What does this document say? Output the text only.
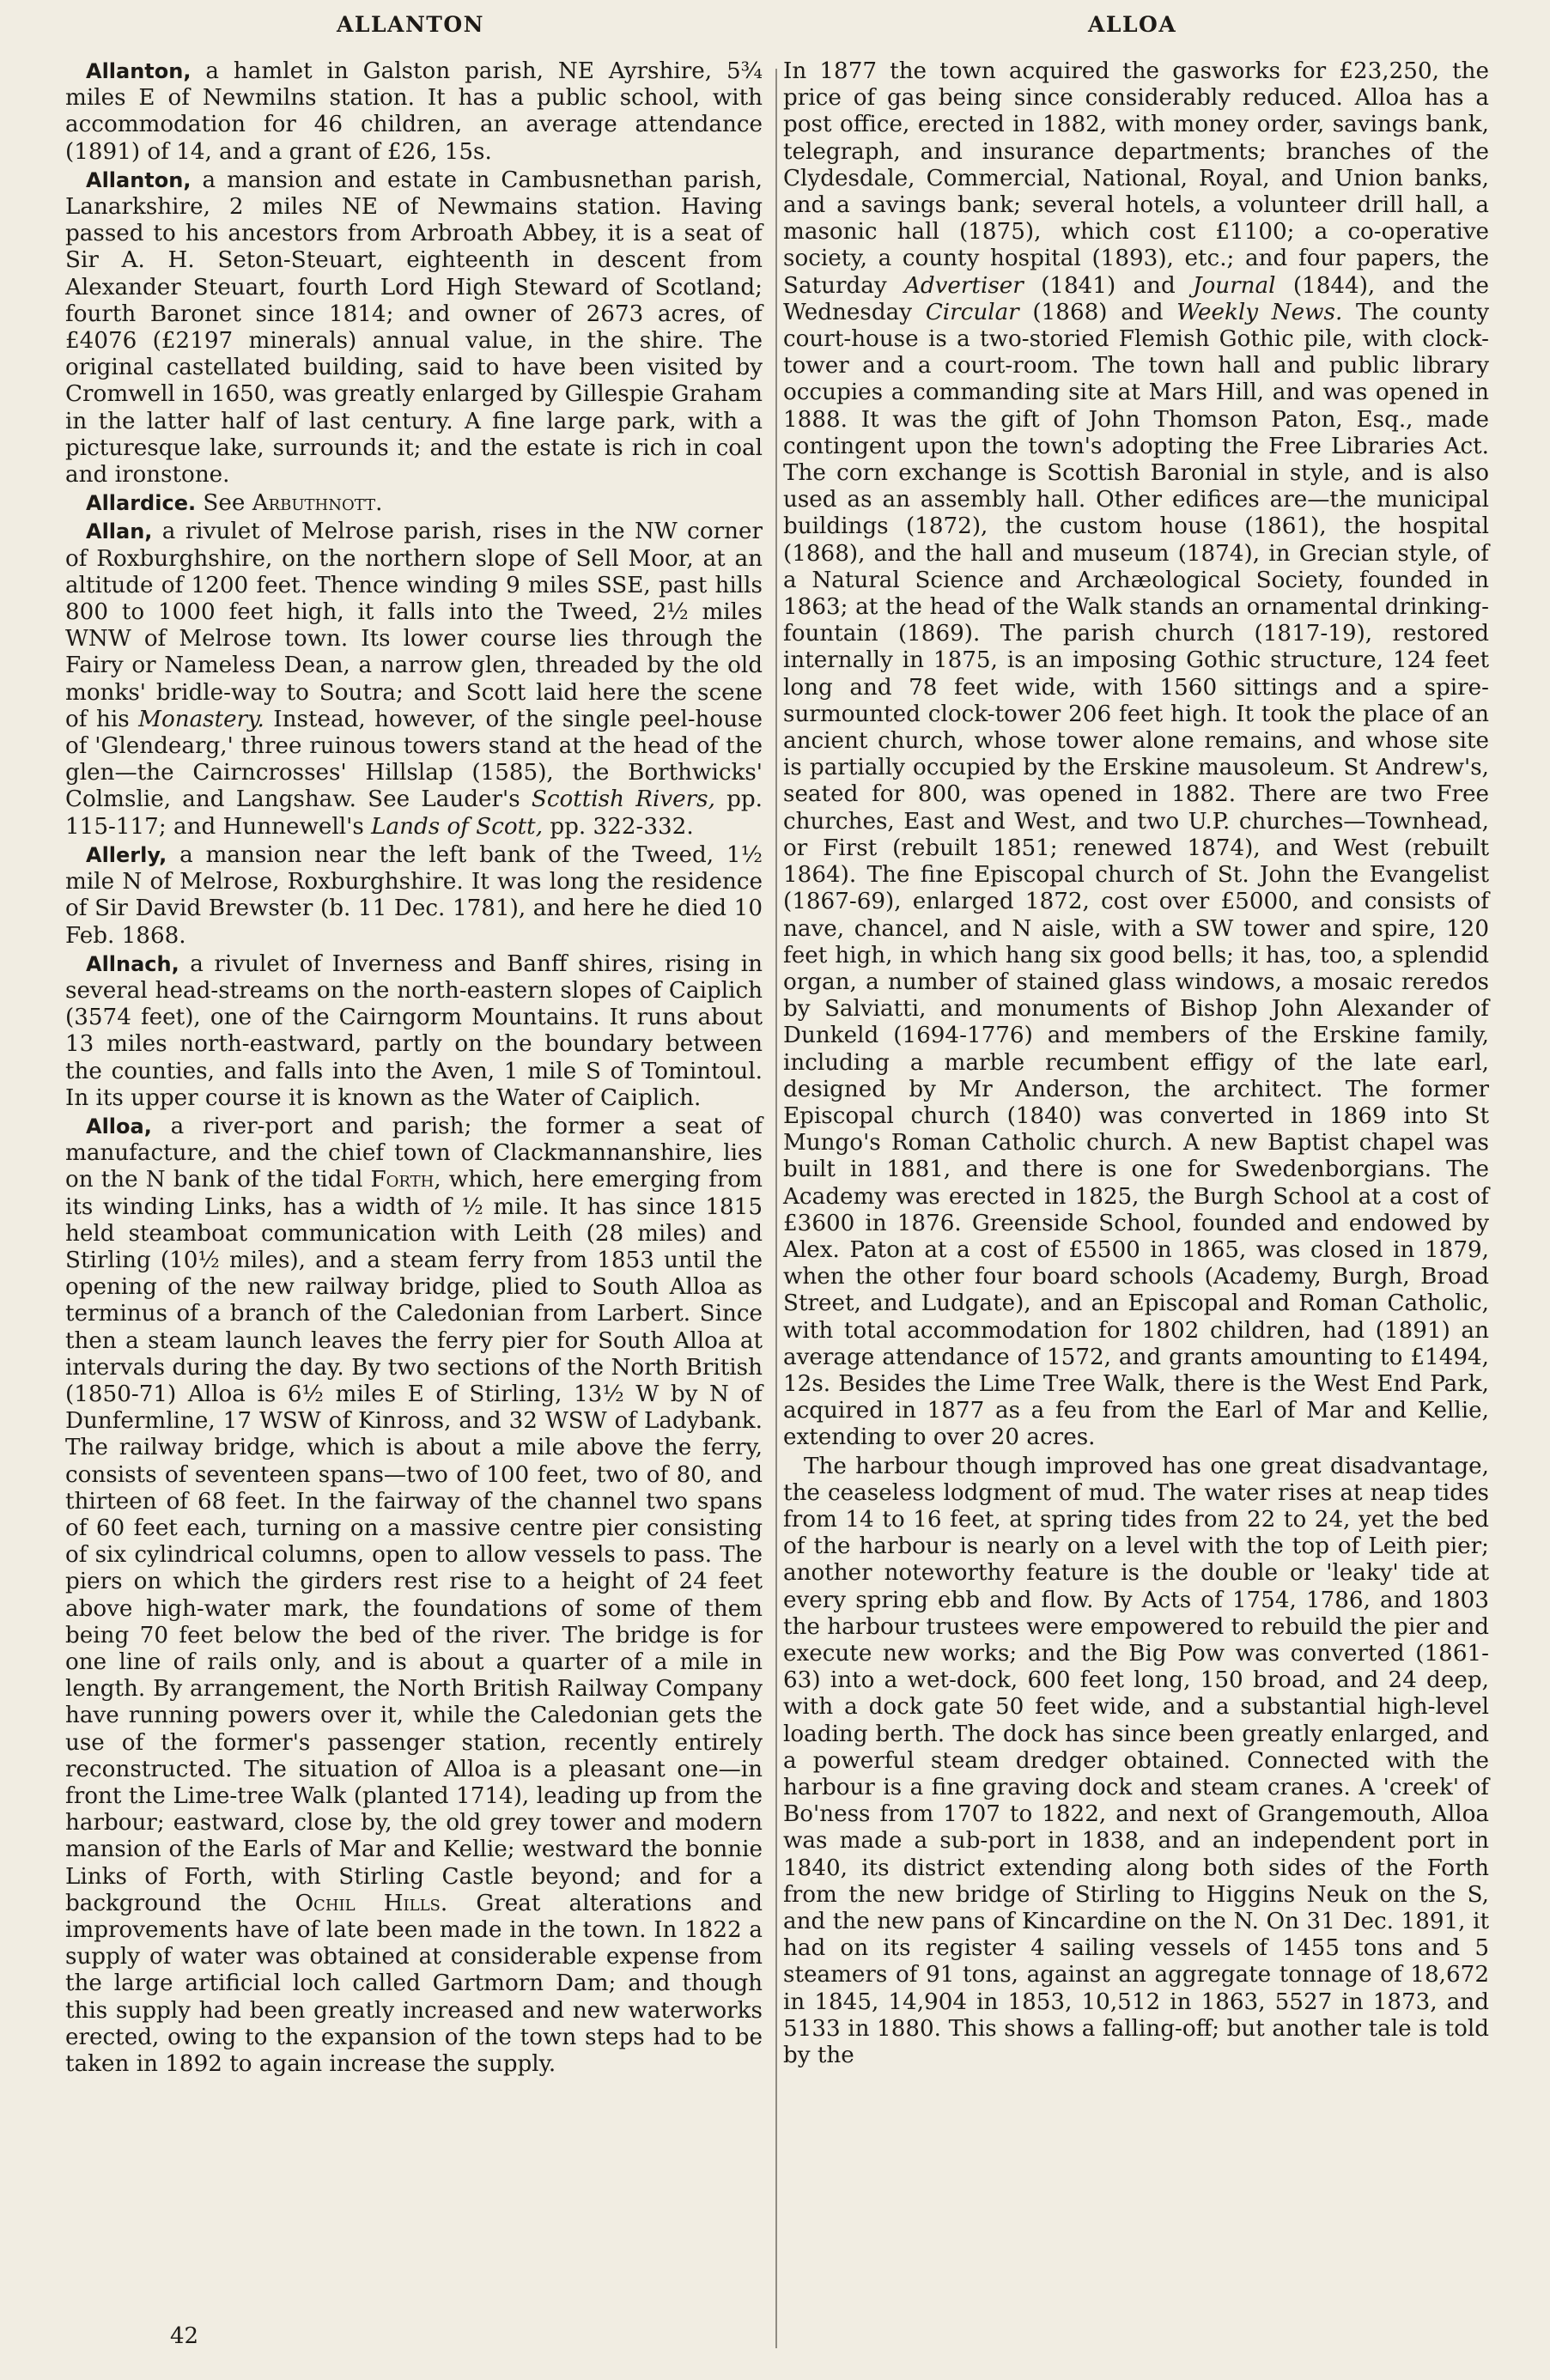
ALLANTON	ALLOA

Allanton, a hamlet in Galston parish, NE Ayrshire, 5¾ miles E of Newmilns station. It has a public school, with accommodation for 46 children, an average attendance (1891) of 14, and a grant of £26, 15s.

Allanton, a mansion and estate in Cambusnethan parish, Lanarkshire, 2 miles NE of Newmains station. Having passed to his ancestors from Arbroath Abbey, it is a seat of Sir A. H. Seton-Steuart, eighteenth in descent from Alexander Steuart, fourth Lord High Steward of Scotland; fourth Baronet since 1814; and owner of 2673 acres, of £4076 (£2197 minerals) annual value, in the shire. The original castellated building, said to have been visited by Cromwell in 1650, was greatly enlarged by Gillespie Graham in the latter half of last century. A fine large park, with a picturesque lake, surrounds it; and the estate is rich in coal and ironstone.

Allardice. See Arbuthnott.

Allan, a rivulet of Melrose parish, rises in the NW corner of Roxburghshire, on the northern slope of Sell Moor, at an altitude of 1200 feet. Thence winding 9 miles SSE, past hills 800 to 1000 feet high, it falls into the Tweed, 2½ miles WNW of Melrose town. Its lower course lies through the Fairy or Nameless Dean, a narrow glen, threaded by the old monks' bridle-way to Soutra; and Scott laid here the scene of his Monastery. Instead, however, of the single peel-house of 'Glendearg,' three ruinous towers stand at the head of the glen—the Cairncrosses' Hillslap (1585), the Borthwicks' Colmslie, and Langshaw. See Lauder's Scottish Rivers, pp. 115-117; and Hunnewell's Lands of Scott, pp. 322-332.

Allerly, a mansion near the left bank of the Tweed, 1½ mile N of Melrose, Roxburghshire. It was long the residence of Sir David Brewster (b. 11 Dec. 1781), and here he died 10 Feb. 1868.

Allnach, a rivulet of Inverness and Banff shires, rising in several head-streams on the north-eastern slopes of Caiplich (3574 feet), one of the Cairngorm Mountains. It runs about 13 miles north-eastward, partly on the boundary between the counties, and falls into the Aven, 1 mile S of Tomintoul. In its upper course it is known as the Water of Caiplich.

Alloa, a river-port and parish; the former a seat of manufacture, and the chief town of Clackmannanshire, lies on the N bank of the tidal Forth, which, here emerging from its winding Links, has a width of ½ mile. It has since 1815 held steamboat communication with Leith (28 miles) and Stirling (10½ miles), and a steam ferry from 1853 until the opening of the new railway bridge, plied to South Alloa as terminus of a branch of the Caledonian from Larbert. Since then a steam launch leaves the ferry pier for South Alloa at intervals during the day. By two sections of the North British (1850-71) Alloa is 6½ miles E of Stirling, 13½ W by N of Dunfermline, 17 WSW of Kinross, and 32 WSW of Ladybank. The railway bridge, which is about a mile above the ferry, consists of seventeen spans—two of 100 feet, two of 80, and thirteen of 68 feet. In the fairway of the channel two spans of 60 feet each, turning on a massive centre pier consisting of six cylindrical columns, open to allow vessels to pass. The piers on which the girders rest rise to a height of 24 feet above high-water mark, the foundations of some of them being 70 feet below the bed of the river. The bridge is for one line of rails only, and is about a quarter of a mile in length. By arrangement, the North British Railway Company have running powers over it, while the Caledonian gets the use of the former's passenger station, recently entirely reconstructed. The situation of Alloa is a pleasant one—in front the Lime-tree Walk (planted 1714), leading up from the harbour; eastward, close by, the old grey tower and modern mansion of the Earls of Mar and Kellie; westward the bonnie Links of Forth, with Stirling Castle beyond; and for a background the Ochil Hills. Great alterations and improvements have of late been made in the town. In 1822 a supply of water was obtained at considerable expense from the large artificial loch called Gartmorn Dam; and though this supply had been greatly increased and new waterworks erected, owing to the expansion of the town steps had to be taken in 1892 to again increase the supply.

In 1877 the town acquired the gasworks for £23,250, the price of gas being since considerably reduced. Alloa has a post office, erected in 1882, with money order, savings bank, telegraph, and insurance departments; branches of the Clydesdale, Commercial, National, Royal, and Union banks, and a savings bank; several hotels, a volunteer drill hall, a masonic hall (1875), which cost £1100; a co-operative society, a county hospital (1893), etc.; and four papers, the Saturday Advertiser (1841) and Journal (1844), and the Wednesday Circular (1868) and Weekly News. The county court-house is a two-storied Flemish Gothic pile, with clock-tower and a court-room. The town hall and public library occupies a commanding site at Mars Hill, and was opened in 1888. It was the gift of John Thomson Paton, Esq., made contingent upon the town's adopting the Free Libraries Act. The corn exchange is Scottish Baronial in style, and is also used as an assembly hall. Other edifices are—the municipal buildings (1872), the custom house (1861), the hospital (1868), and the hall and museum (1874), in Grecian style, of a Natural Science and Archæological Society, founded in 1863; at the head of the Walk stands an ornamental drinking-fountain (1869). The parish church (1817-19), restored internally in 1875, is an imposing Gothic structure, 124 feet long and 78 feet wide, with 1560 sittings and a spire-surmounted clock-tower 206 feet high. It took the place of an ancient church, whose tower alone remains, and whose site is partially occupied by the Erskine mausoleum. St Andrew's, seated for 800, was opened in 1882. There are two Free churches, East and West, and two U.P. churches—Townhead, or First (rebuilt 1851; renewed 1874), and West (rebuilt 1864). The fine Episcopal church of St. John the Evangelist (1867-69), enlarged 1872, cost over £5000, and consists of nave, chancel, and N aisle, with a SW tower and spire, 120 feet high, in which hang six good bells; it has, too, a splendid organ, a number of stained glass windows, a mosaic reredos by Salviatti, and monuments of Bishop John Alexander of Dunkeld (1694-1776) and members of the Erskine family, including a marble recumbent effigy of the late earl, designed by Mr Anderson, the architect. The former Episcopal church (1840) was converted in 1869 into St Mungo's Roman Catholic church. A new Baptist chapel was built in 1881, and there is one for Swedenborgians. The Academy was erected in 1825, the Burgh School at a cost of £3600 in 1876. Greenside School, founded and endowed by Alex. Paton at a cost of £5500 in 1865, was closed in 1879, when the other four board schools (Academy, Burgh, Broad Street, and Ludgate), and an Episcopal and Roman Catholic, with total accommodation for 1802 children, had (1891) an average attendance of 1572, and grants amounting to £1494, 12s. Besides the Lime Tree Walk, there is the West End Park, acquired in 1877 as a feu from the Earl of Mar and Kellie, extending to over 20 acres.

The harbour though improved has one great disadvantage, the ceaseless lodgment of mud. The water rises at neap tides from 14 to 16 feet, at spring tides from 22 to 24, yet the bed of the harbour is nearly on a level with the top of Leith pier; another noteworthy feature is the double or 'leaky' tide at every spring ebb and flow. By Acts of 1754, 1786, and 1803 the harbour trustees were empowered to rebuild the pier and execute new works; and the Big Pow was converted (1861-63) into a wet-dock, 600 feet long, 150 broad, and 24 deep, with a dock gate 50 feet wide, and a substantial high-level loading berth. The dock has since been greatly enlarged, and a powerful steam dredger obtained. Connected with the harbour is a fine graving dock and steam cranes. A 'creek' of Bo'ness from 1707 to 1822, and next of Grangemouth, Alloa was made a sub-port in 1838, and an independent port in 1840, its district extending along both sides of the Forth from the new bridge of Stirling to Higgins Neuk on the S, and the new pans of Kincardine on the N. On 31 Dec. 1891, it had on its register 4 sailing vessels of 1455 tons and 5 steamers of 91 tons, against an aggregate tonnage of 18,672 in 1845, 14,904 in 1853, 10,512 in 1863, 5527 in 1873, and 5133 in 1880. This shows a falling-off; but another tale is told by the

42
